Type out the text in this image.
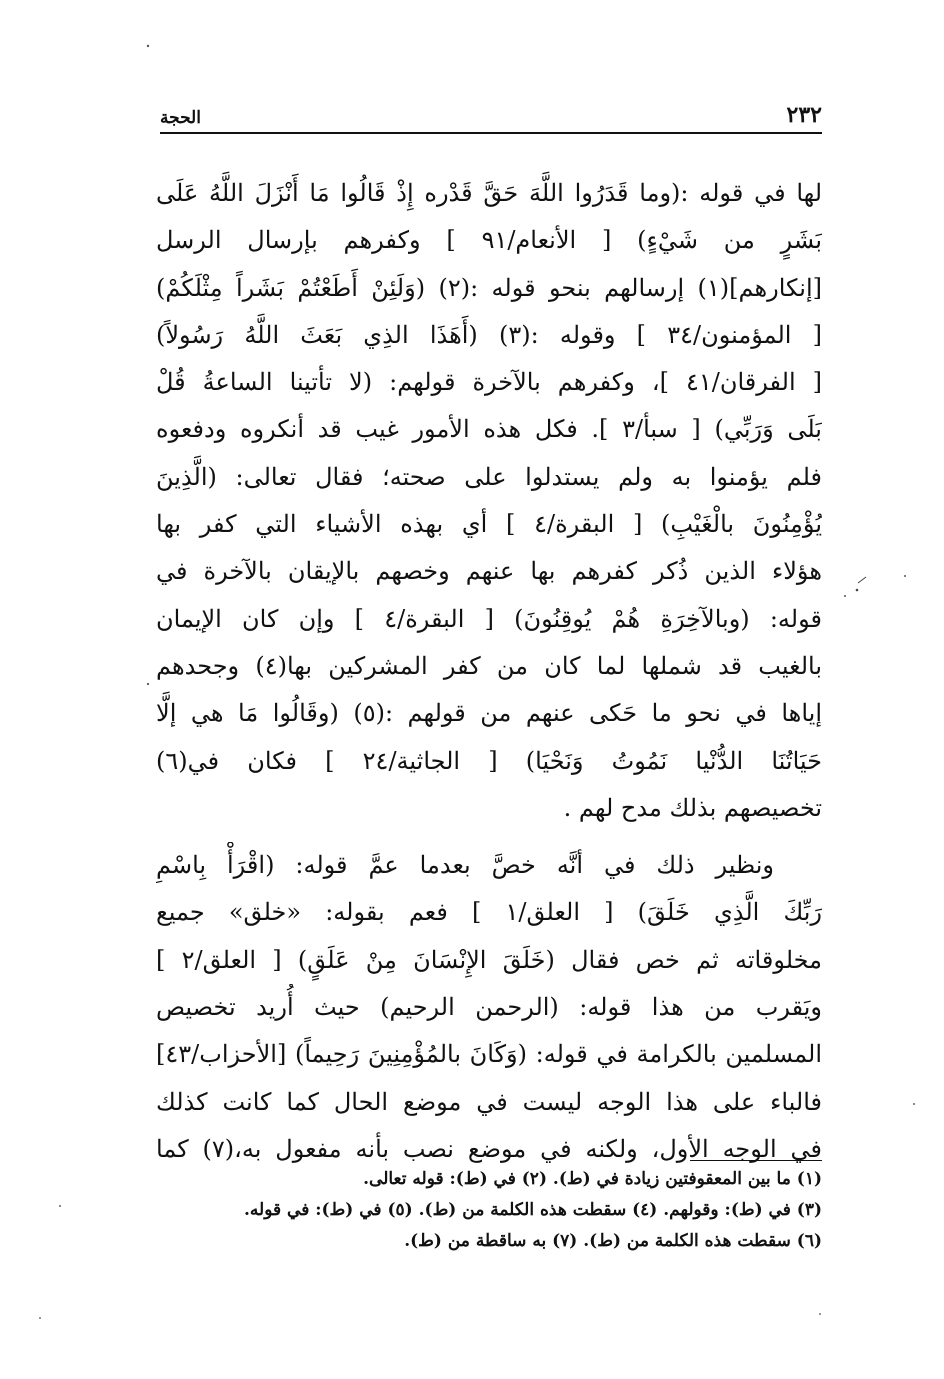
٢٣٢
الحجة
لها في قوله :(وما قَدَرُوا اللَّهَ حَقَّ قَدْره إِذْ قَالُوا مَا أَنْزَلَ اللَّهُ عَلَى
بَشَرٍ من شَيْءٍ) [ الأنعام/٩١ ] وكفرهم بإرسال الرسل
[إنكارهم](١) إرسالهم بنحو قوله :(٢) (وَلَئِنْ أَطَعْتُمْ بَشَراً مِثْلَكُمْ)
[ المؤمنون/٣٤ ] وقوله :(٣) (أَهَذَا الذِي بَعَثَ اللَّهُ رَسُولاً)
[ الفرقان/٤١ ]، وكفرهم بالآخرة قولهم: (لا تأتينا الساعةُ قُلْ
بَلَى وَرَبِّي) [ سبأ/٣ ]. فكل هذه الأمور غيب قد أنكروه ودفعوه
فلم يؤمنوا به ولم يستدلوا على صحته؛ فقال تعالى: (الَّذِينَ
يُؤْمِنُونَ بالْغَيْبِ) [ البقرة/٤ ] أي بهذه الأشياء التي كفر بها
هؤلاء الذين ذُكر كفرهم بها عنهم وخصهم بالإيقان بالآخرة في
قوله: (وبالآخِرَةِ هُمْ يُوقِنُونَ) [ البقرة/٤ ] وإن كان الإيمان
بالغيب قد شملها لما كان من كفر المشركين بها(٤) وجحدهم
إياها في نحو ما حَكى عنهم من قولهم :(٥) (وقَالُوا مَا هي إلَّا
حَيَاتُنَا الدُّنْيا نَمُوتُ وَنَحْيَا) [ الجاثية/٢٤ ] فكان في(٦)
تخصيصهم بذلك مدح لهم .
ونظير ذلك في أنَّه خصَّ بعدما عمَّ قوله: (اقْرَأْ بِاسْمِ
رَبِّكَ الَّذِي خَلَقَ) [ العلق/١ ] فعم بقوله: «خلق» جميع
مخلوقاته ثم خص فقال (خَلَقَ الإِنْسَانَ مِنْ عَلَقٍ) [ العلق/٢ ]
ويَقرب من هذا قوله: (الرحمن الرحيم) حيث أُريد تخصيص
المسلمين بالكرامة في قوله: (وَكَانَ بالمُؤْمِنِينَ رَحِيماً) [الأحزاب/٤٣]
فالباء على هذا الوجه ليست في موضع الحال كما كانت كذلك
في الوجه الأول، ولكنه في موضع نصب بأنه مفعول به،(٧) كما
(١) ما بين المعقوفتين زيادة في (ط). (٢) في (ط): قوله تعالى.
(٣) في (ط): وقولهم. (٤) سقطت هذه الكلمة من (ط). (٥) في (ط): في قوله.
(٦) سقطت هذه الكلمة من (ط). (٧) به ساقطة من (ط).
